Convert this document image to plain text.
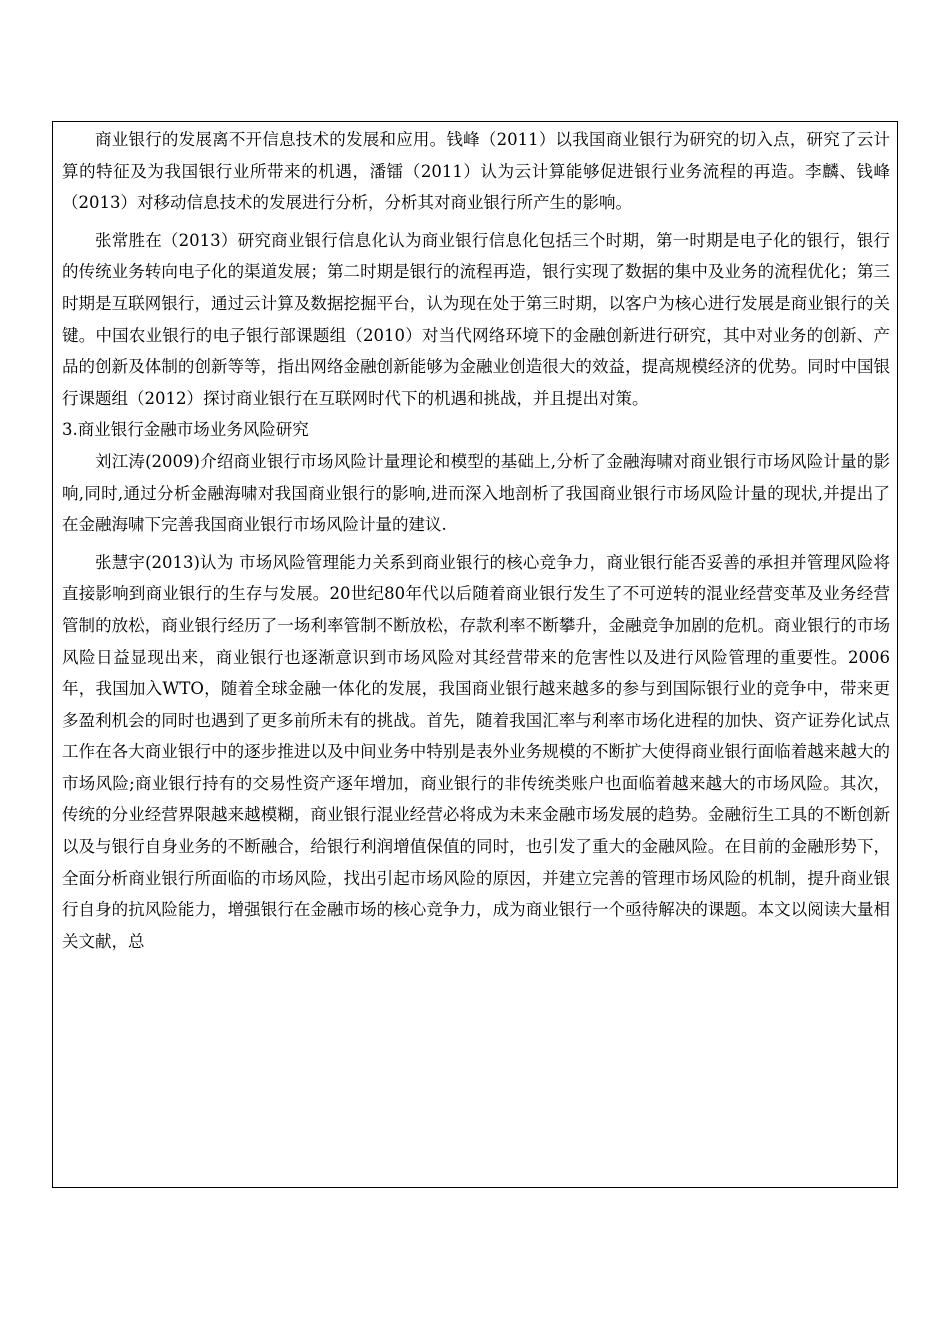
商业银行的发展离不开信息技术的发展和应用。钱峰（2011）以我国商业银行为研究的切入点，研究了云计算的特征及为我国银行业所带来的机遇，潘镭（2011）认为云计算能够促进银行业务流程的再造。李麟、钱峰（2013）对移动信息技术的发展进行分析，分析其对商业银行所产生的影响。

张常胜在（2013）研究商业银行信息化认为商业银行信息化包括三个时期，第一时期是电子化的银行，银行的传统业务转向电子化的渠道发展；第二时期是银行的流程再造，银行实现了数据的集中及业务的流程优化；第三时期是互联网银行，通过云计算及数据挖掘平台，认为现在处于第三时期，以客户为核心进行发展是商业银行的关键。中国农业银行的电子银行部课题组（2010）对当代网络环境下的金融创新进行研究，其中对业务的创新、产品的创新及体制的创新等等，指出网络金融创新能够为金融业创造很大的效益，提高规模经济的优势。同时中国银行课题组（2012）探讨商业银行在互联网时代下的机遇和挑战，并且提出对策。

3.商业银行金融市场业务风险研究

刘江涛(2009)介绍商业银行市场风险计量理论和模型的基础上,分析了金融海啸对商业银行市场风险计量的影响,同时,通过分析金融海啸对我国商业银行的影响,进而深入地剖析了我国商业银行市场风险计量的现状,并提出了在金融海啸下完善我国商业银行市场风险计量的建议.

张慧宇(2013)认为 市场风险管理能力关系到商业银行的核心竞争力，商业银行能否妥善的承担并管理风险将直接影响到商业银行的生存与发展。20世纪80年代以后随着商业银行发生了不可逆转的混业经营变革及业务经营管制的放松，商业银行经历了一场利率管制不断放松，存款利率不断攀升，金融竞争加剧的危机。商业银行的市场风险日益显现出来，商业银行也逐渐意识到市场风险对其经营带来的危害性以及进行风险管理的重要性。2006年，我国加入WTO，随着全球金融一体化的发展，我国商业银行越来越多的参与到国际银行业的竞争中，带来更多盈利机会的同时也遇到了更多前所未有的挑战。首先，随着我国汇率与利率市场化进程的加快、资产证券化试点工作在各大商业银行中的逐步推进以及中间业务中特别是表外业务规模的不断扩大使得商业银行面临着越来越大的市场风险;商业银行持有的交易性资产逐年增加，商业银行的非传统类账户也面临着越来越大的市场风险。其次，传统的分业经营界限越来越模糊，商业银行混业经营必将成为未来金融市场发展的趋势。金融衍生工具的不断创新以及与银行自身业务的不断融合，给银行利润增值保值的同时，也引发了重大的金融风险。在目前的金融形势下，全面分析商业银行所面临的市场风险，找出引起市场风险的原因，并建立完善的管理市场风险的机制，提升商业银行自身的抗风险能力，增强银行在金融市场的核心竞争力，成为商业银行一个亟待解决的课题。本文以阅读大量相关文献，总
